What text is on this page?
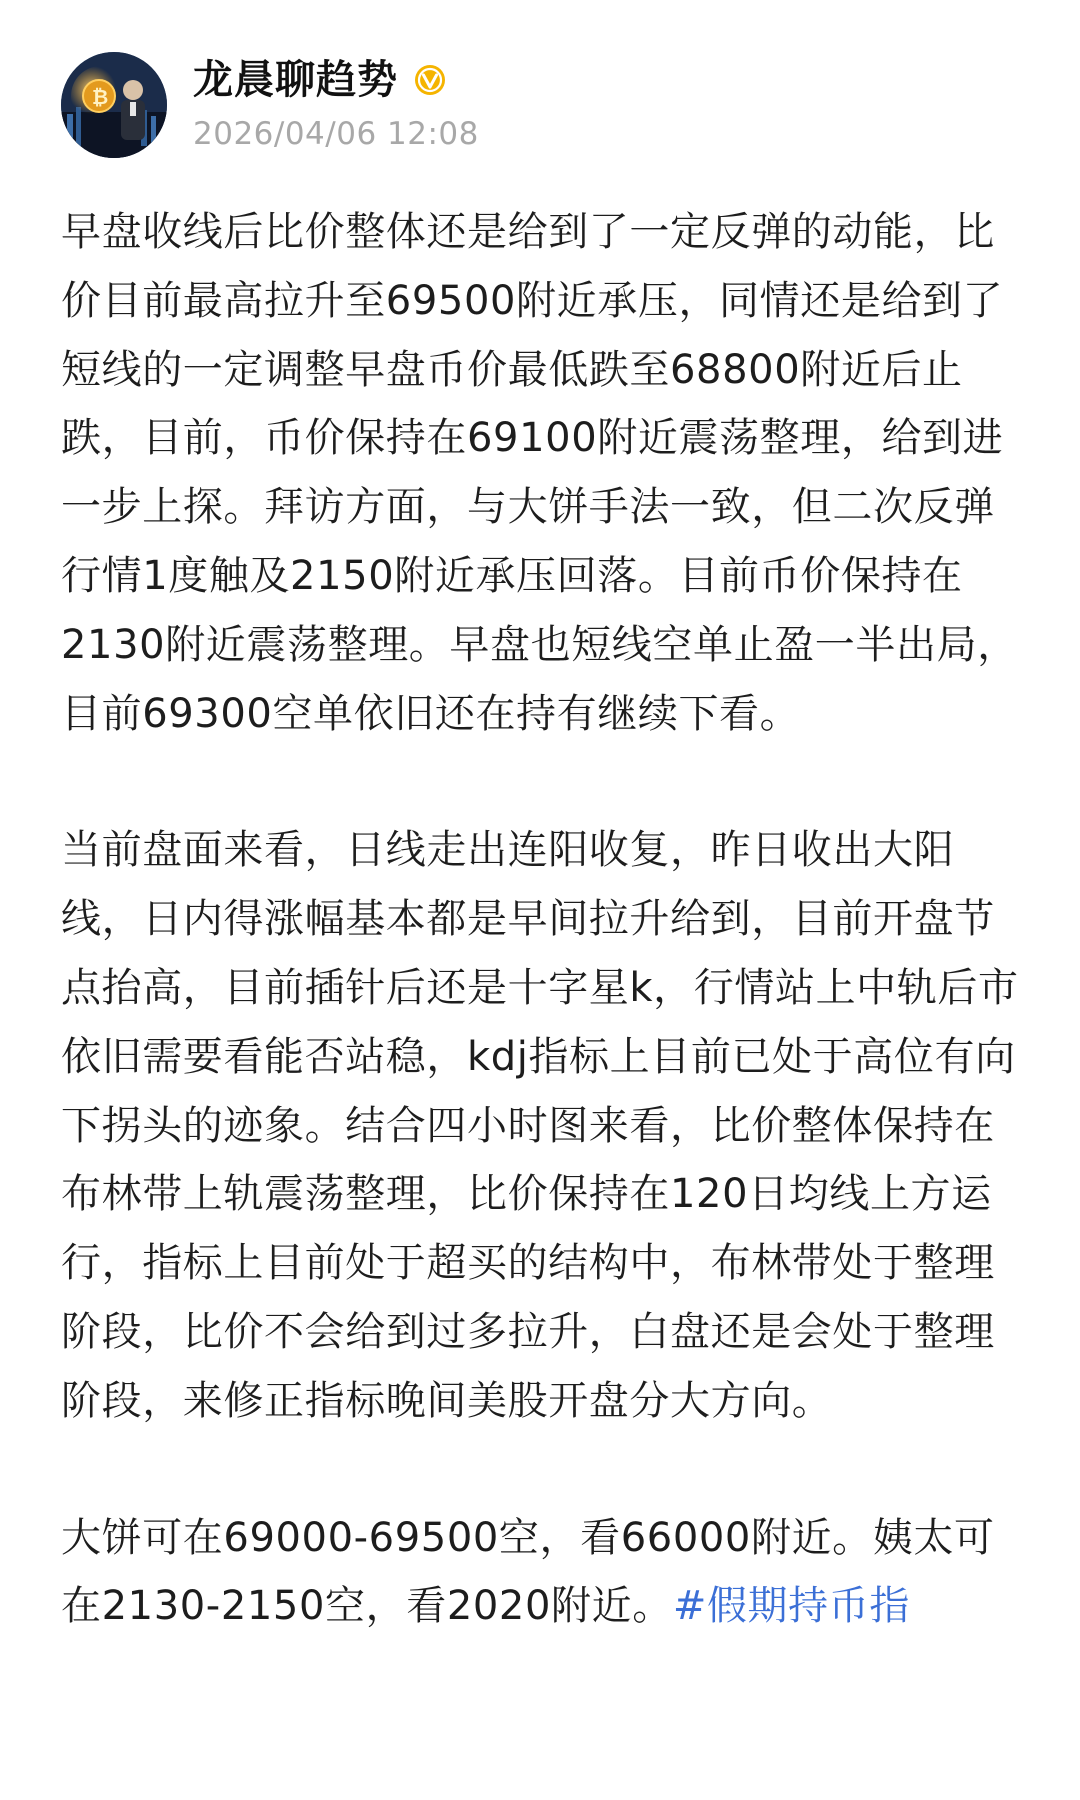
₿ 龙晨聊趋势
2026/04/06 12:08

早盘收线后比价整体还是给到了一定反弹的动能，比价目前最高拉升至69500附近承压，同情还是给到了短线的一定调整早盘币价最低跌至68800附近后止跌，目前，币价保持在69100附近震荡整理，给到进一步上探。拜访方面，与大饼手法一致，但二次反弹行情1度触及2150附近承压回落。目前币价保持在2130附近震荡整理。早盘也短线空单止盈一半出局，目前69300空单依旧还在持有继续下看。

当前盘面来看，日线走出连阳收复，昨日收出大阳线，日内得涨幅基本都是早间拉升给到，目前开盘节点抬高，目前插针后还是十字星k，行情站上中轨后市依旧需要看能否站稳，kdj指标上目前已处于高位有向下拐头的迹象。结合四小时图来看，比价整体保持在布林带上轨震荡整理，比价保持在120日均线上方运行，指标上目前处于超买的结构中，布林带处于整理阶段，比价不会给到过多拉升，白盘还是会处于整理阶段，来修正指标晚间美股开盘分大方向。

大饼可在69000-69500空，看66000附近。姨太可在2130-2150空，看2020附近。#假期持币指
